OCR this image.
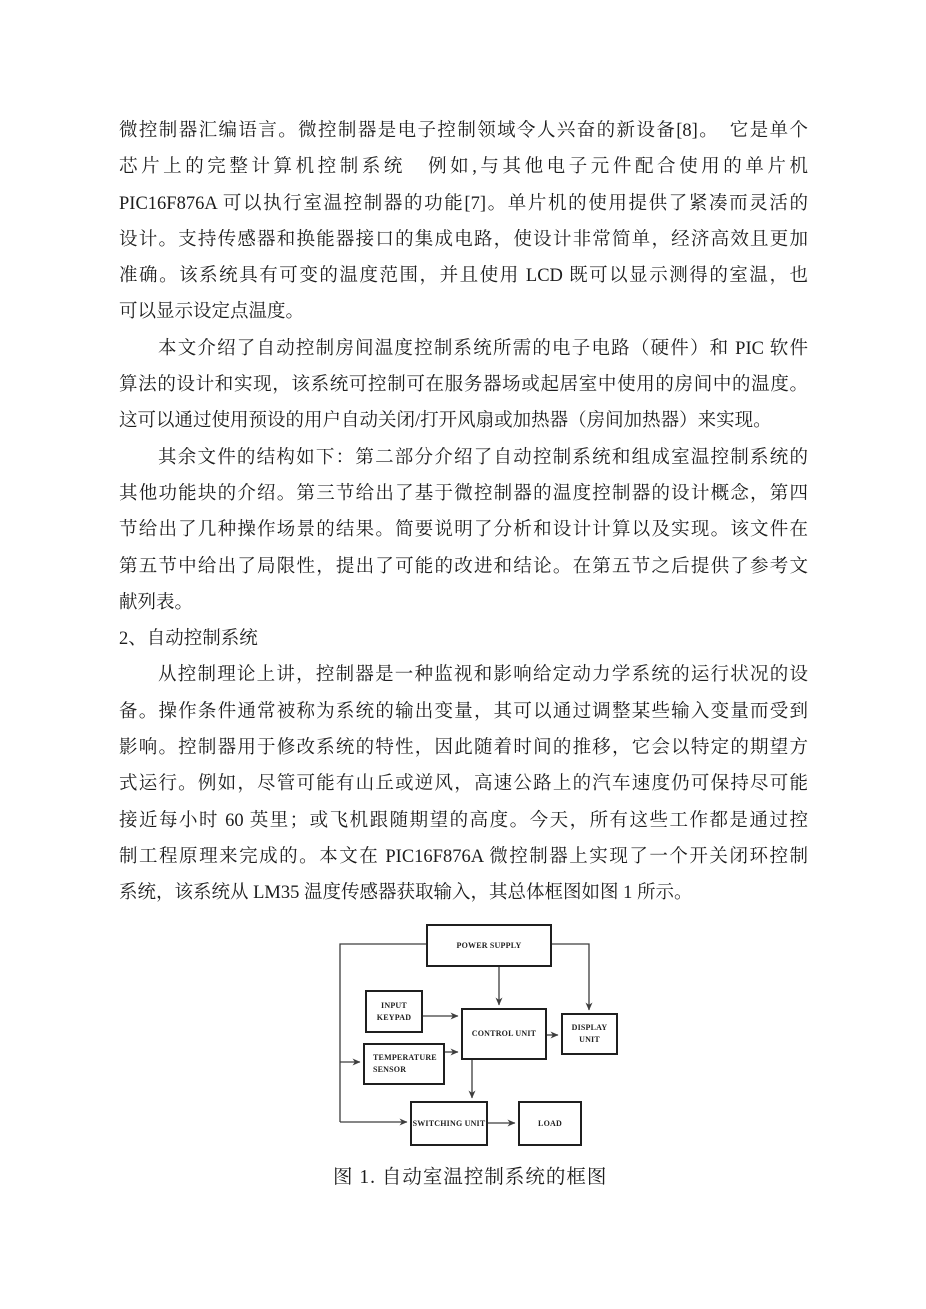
微控制器汇编语言。微控制器是电子控制领域令人兴奋的新设备[8]。　它是单个
芯片上的完整计算机控制系统　例如,与其他电子元件配合使用的单片机
PIC16F876A 可以执行室温控制器的功能[7]。单片机的使用提供了紧凑而灵活的
设计。支持传感器和换能器接口的集成电路，使设计非常简单，经济高效且更加
准确。该系统具有可变的温度范围，并且使用 LCD 既可以显示测得的室温，也
可以显示设定点温度。
本文介绍了自动控制房间温度控制系统所需的电子电路（硬件）和 PIC 软件
算法的设计和实现，该系统可控制可在服务器场或起居室中使用的房间中的温度。
这可以通过使用预设的用户自动关闭/打开风扇或加热器（房间加热器）来实现。
其余文件的结构如下：第二部分介绍了自动控制系统和组成室温控制系统的
其他功能块的介绍。第三节给出了基于微控制器的温度控制器的设计概念，第四
节给出了几种操作场景的结果。简要说明了分析和设计计算以及实现。该文件在
第五节中给出了局限性，提出了可能的改进和结论。在第五节之后提供了参考文
献列表。
2、自动控制系统
从控制理论上讲，控制器是一种监视和影响给定动力学系统的运行状况的设
备。操作条件通常被称为系统的输出变量，其可以通过调整某些输入变量而受到
影响。控制器用于修改系统的特性，因此随着时间的推移，它会以特定的期望方
式运行。例如，尽管可能有山丘或逆风，高速公路上的汽车速度仍可保持尽可能
接近每小时 60 英里；或飞机跟随期望的高度。今天，所有这些工作都是通过控
制工程原理来完成的。本文在 PIC16F876A 微控制器上实现了一个开关闭环控制
系统，该系统从 LM35 温度传感器获取输入，其总体框图如图 1 所示。
POWER SUPPLY
INPUT KEYPAD
CONTROL UNIT
DISPLAY UNIT
TEMPERATURE SENSOR
SWITCHING UNIT	LOAD
图 1. 自动室温控制系统的框图
